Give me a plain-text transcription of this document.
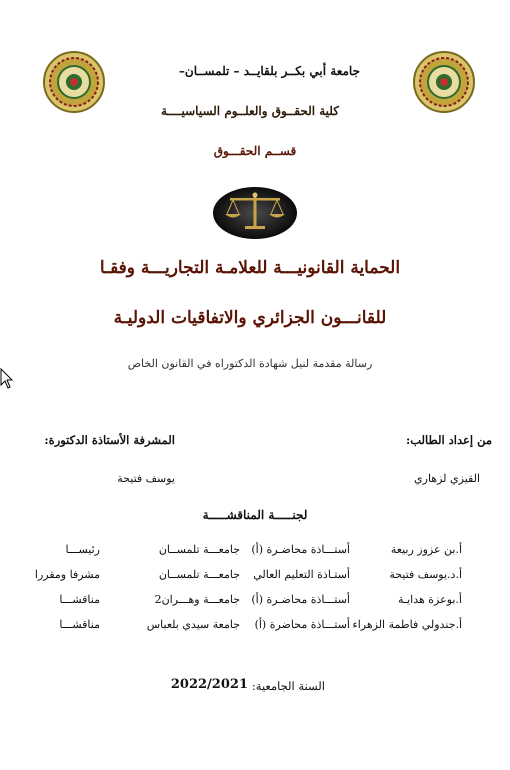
جامعة أبي بكــر بلقايــد – تلمســان–
كلية الحقــوق والعلــوم السياسيــــة
قســم الحقـــوق
الحماية القانونيـــة للعلامـة التجاريـــة وفقـا
للقانـــون الجزائري والاتفاقيات الدوليـة
رسالة مقدمة لنيل شهادة الدكتوراه في القانون الخاص
من إعداد الطالب:
المشرفة الأستاذة الدكتورة:
القيزي لزهاري
يوسف فتيحة
لجنـــــة المناقشـــــة
أ.بن عزوز ربيعة
أستـــاذة محاضـرة (أ)
جامعـــة تلمســان
رئيســـا
أ.د.يوسف فتيحة
أستـاذة التعليم العالي
جامعـــة تلمســان
مشرفا ومقررا
أ.بوعزة هدايـة
أستـــاذة محاضـرة (أ)
جامعـــة وهـــران2
مناقشـــا
أ.جندولي فاطمة الزهراء
أستـــاذة محاضرة (أ)
جامعة سيدي بلعباس
مناقشـــا
السنة الجامعية:
2022/2021
